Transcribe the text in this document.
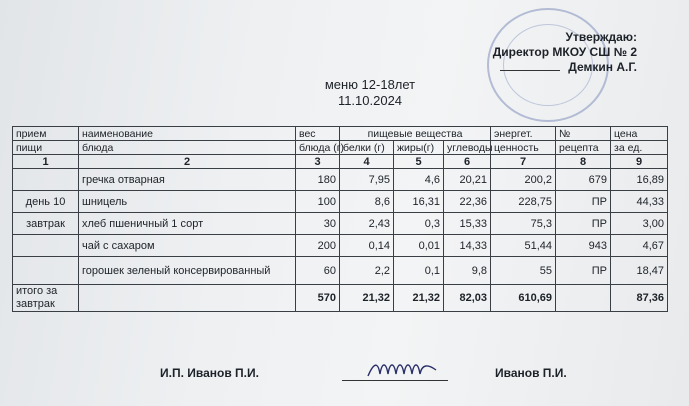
Утверждаю:
Директор МКОУ СШ № 2
Демкин А.Г.
меню 12-18лет
11.10.2024
прием	наименование	вес	пищевые вещества			энергет.	№	цена
пищи	блюда	блюда (г)	белки (г)	жиры(г)	углеводы	ценность	рецепта	за ед.
1	2	3	4	5	6	7	8	9
	гречка отварная	180	7,95	4,6	20,21	200,2	679	16,89
день 10	шницель	100	8,6	16,31	22,36	228,75	ПР	44,33
завтрак	хлеб пшеничный 1 сорт	30	2,43	0,3	15,33	75,3	ПР	3,00
	чай с сахаром	200	0,14	0,01	14,33	51,44	943	4,67
	горошек зеленый консервированный	60	2,2	0,1	9,8	55	ПР	18,47

итого за
завтрак		570	21,32	21,32	82,03	610,69		87,36
И.П. Иванов П.И.	Иванов П.И.
